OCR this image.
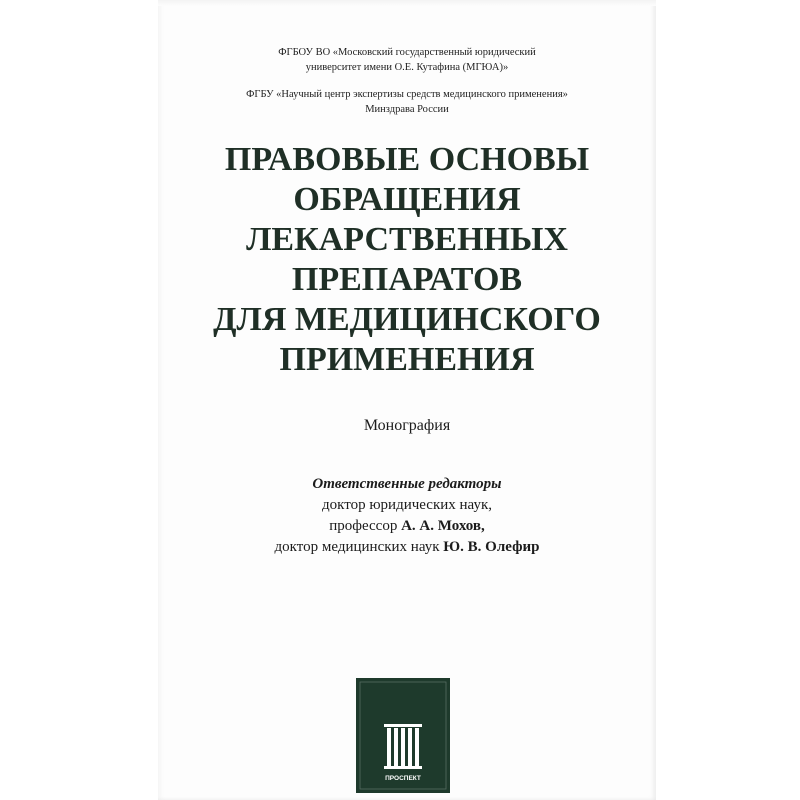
ФГБОУ ВО «Московский государственный юридический
университет имени О.Е. Кутафина (МГЮА)»
ФГБУ «Научный центр экспертизы средств медицинского применения»
Минздрава России
ПРАВОВЫЕ ОСНОВЫ
ОБРАЩЕНИЯ
ЛЕКАРСТВЕННЫХ
ПРЕПАРАТОВ
ДЛЯ МЕДИЦИНСКОГО
ПРИМЕНЕНИЯ
Монография
Ответственные редакторы
доктор юридических наук,
профессор А. А. Мохов,
доктор медицинских наук Ю. В. Олефир
ПРОСПЕКТ
